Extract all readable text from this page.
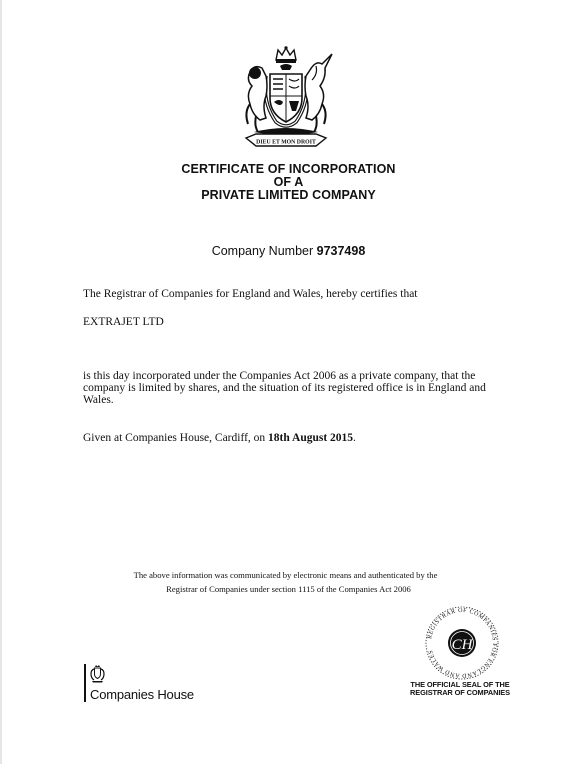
DIEU ET MON DROIT
CERTIFICATE OF INCORPORATION
OF A
PRIVATE LIMITED COMPANY
Company Number 9737498
The Registrar of Companies for England and Wales, hereby certifies that
EXTRAJET LTD
is this day incorporated under the Companies Act 2006 as a private company, that the company is limited by shares, and the situation of its registered office is in England and Wales.
Given at Companies House, Cardiff, on 18th August 2015.
The above information was communicated by electronic means and authenticated by the
Registrar of Companies under section 1115 of the Companies Act 2006
REGISTRAR OF COMPANIES FOR ENGLAND AND WALES	CH
THE OFFICIAL SEAL OF THE
REGISTRAR OF COMPANIES
Companies House
